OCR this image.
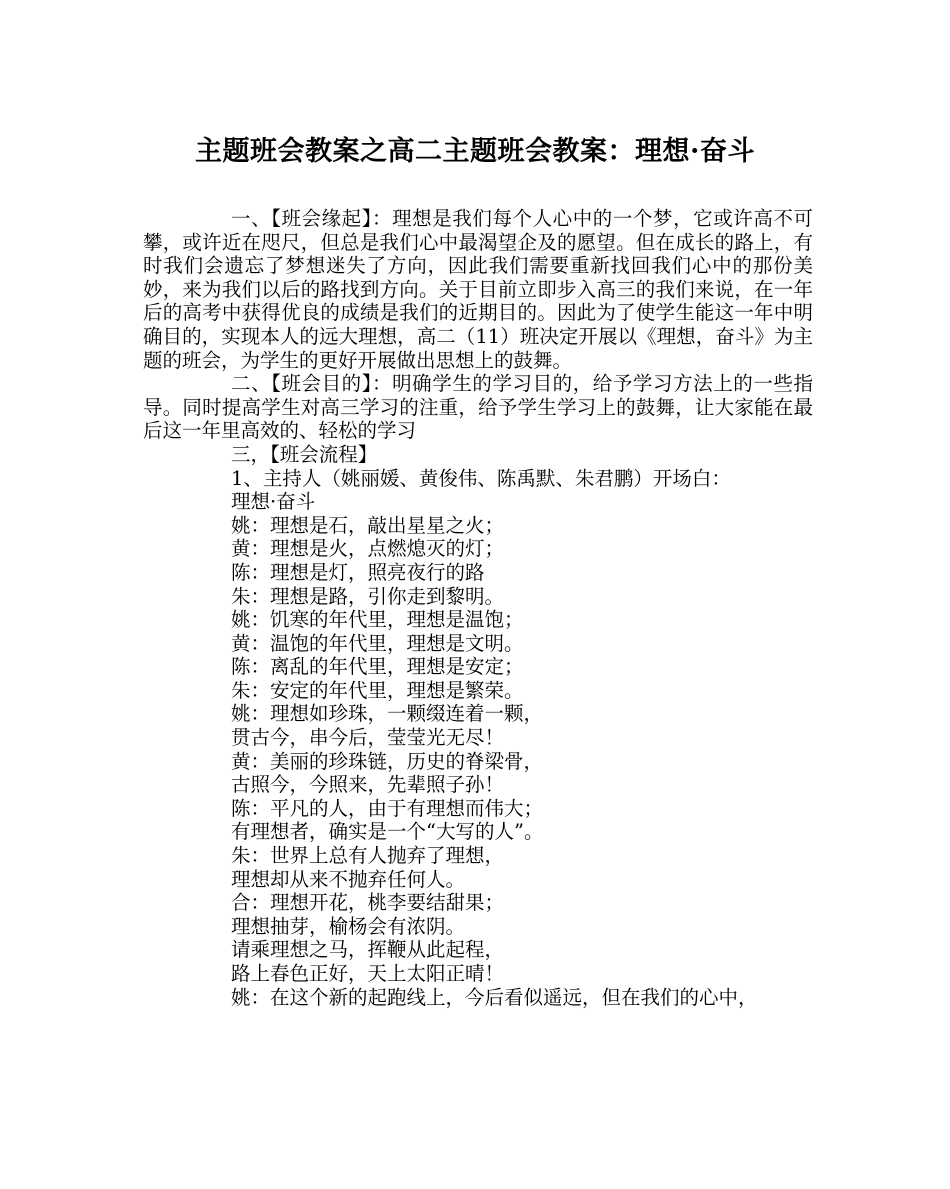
主题班会教案之高二主题班会教案：理想·奋斗

一、【班会缘起】：理想是我们每个人心中的一个梦，它或许高不可攀，或许近在咫尺，但总是我们心中最渴望企及的愿望。但在成长的路上，有时我们会遗忘了梦想迷失了方向，因此我们需要重新找回我们心中的那份美妙，来为我们以后的路找到方向。关于目前立即步入高三的我们来说，在一年后的高考中获得优良的成绩是我们的近期目的。因此为了使学生能这一年中明确目的，实现本人的远大理想，高二（11）班决定开展以《理想，奋斗》为主题的班会，为学生的更好开展做出思想上的鼓舞。

二、【班会目的】：明确学生的学习目的，给予学习方法上的一些指导。同时提高学生对高三学习的注重，给予学生学习上的鼓舞，让大家能在最后这一年里高效的、轻松的学习

三，【班会流程】

1、主持人（姚丽媛、黄俊伟、陈禹默、朱君鹏）开场白：

理想·奋斗

姚：理想是石，敲出星星之火；

黄：理想是火，点燃熄灭的灯；

陈：理想是灯，照亮夜行的路

朱：理想是路，引你走到黎明。

姚：饥寒的年代里，理想是温饱；

黄：温饱的年代里，理想是文明。

陈：离乱的年代里，理想是安定；

朱：安定的年代里，理想是繁荣。

姚：理想如珍珠，一颗缀连着一颗，

贯古今，串今后，莹莹光无尽！

黄：美丽的珍珠链，历史的脊梁骨，

古照今，今照来，先辈照子孙！

陈：平凡的人，由于有理想而伟大；

有理想者，确实是一个“大写的人”。

朱：世界上总有人抛弃了理想，

理想却从来不抛弃任何人。

合：理想开花，桃李要结甜果；

理想抽芽，榆杨会有浓阴。

请乘理想之马，挥鞭从此起程，

路上春色正好，天上太阳正晴！

姚：在这个新的起跑线上，今后看似遥远，但在我们的心中，
